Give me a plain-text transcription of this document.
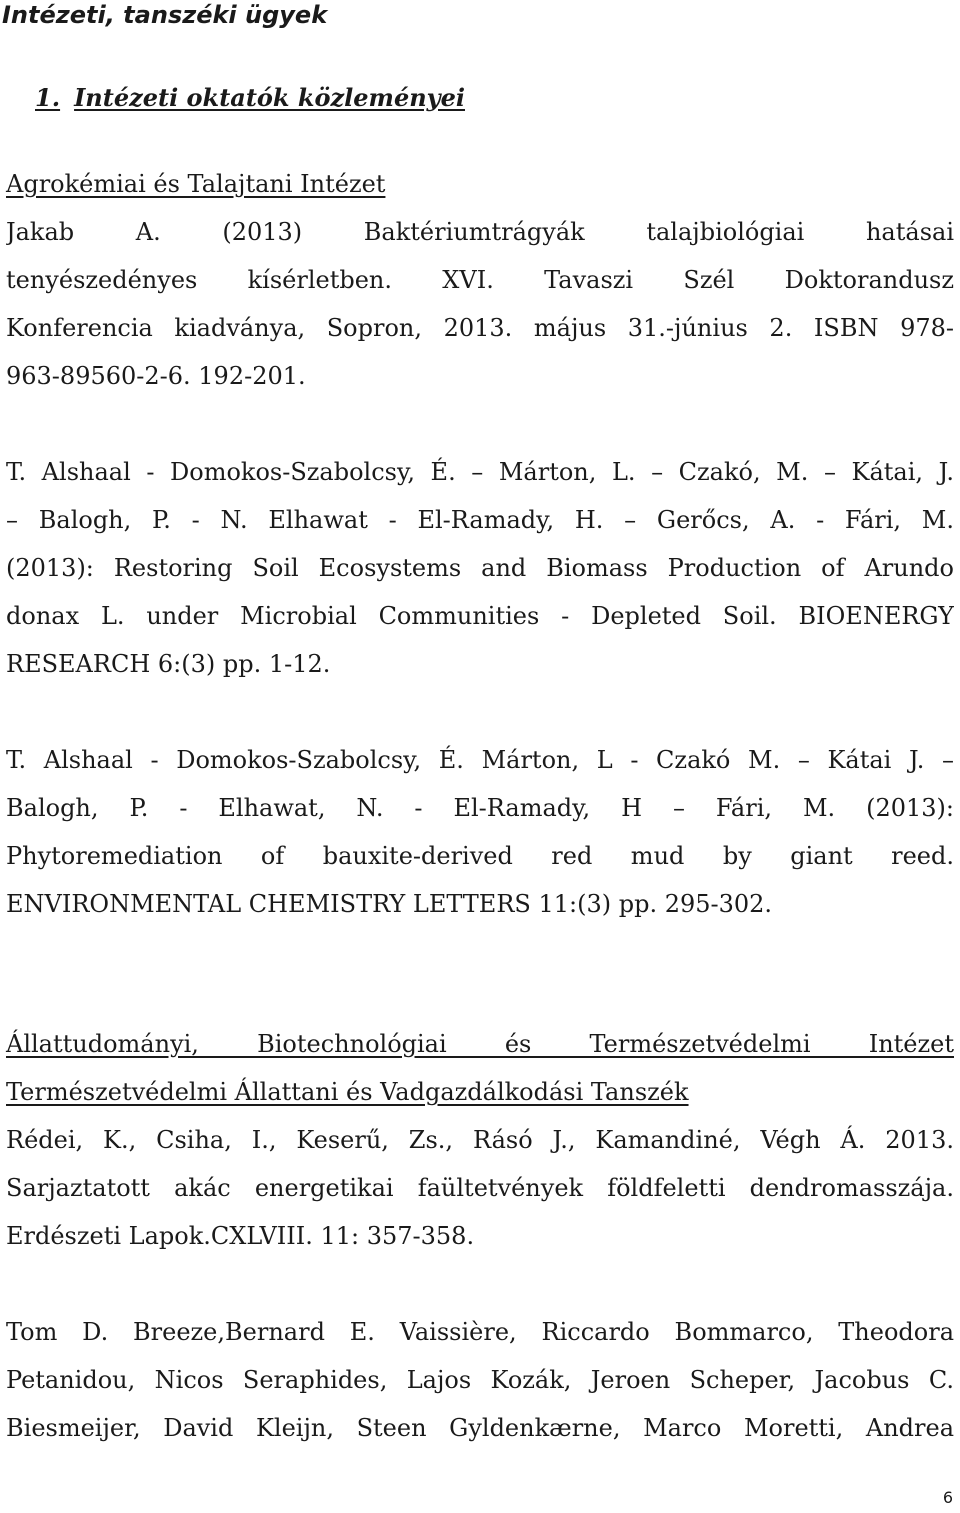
Intézeti, tanszéki ügyek
1. Intézeti oktatók közleményei
Agrokémiai és Talajtani Intézet
Jakab A. (2013) Baktériumtrágyák talajbiológiai hatásai
tenyészedényes kísérletben. XVI. Tavaszi Szél Doktorandusz
Konferencia kiadványa, Sopron, 2013. május 31.-június 2. ISBN 978-
963-89560-2-6. 192-201.
T. Alshaal - Domokos-Szabolcsy, É. – Márton, L. – Czakó, M. – Kátai, J.
– Balogh, P. - N. Elhawat - El-Ramady, H. – Gerőcs, A. - Fári, M.
(2013): Restoring Soil Ecosystems and Biomass Production of Arundo
donax L. under Microbial Communities - Depleted Soil. BIOENERGY
RESEARCH 6:(3) pp. 1-12.
T. Alshaal - Domokos-Szabolcsy, É. Márton, L - Czakó M. – Kátai J. –
Balogh, P. - Elhawat, N. - El-Ramady, H – Fári, M. (2013):
Phytoremediation of bauxite-derived red mud by giant reed.
ENVIRONMENTAL CHEMISTRY LETTERS 11:(3) pp. 295-302.
Állattudományi, Biotechnológiai és Természetvédelmi Intézet
Természetvédelmi Állattani és Vadgazdálkodási Tanszék
Rédei, K., Csiha, I., Keserű, Zs., Rásó J., Kamandiné, Végh Á. 2013.
Sarjaztatott akác energetikai faültetvények földfeletti dendromasszája.
Erdészeti Lapok.CXLVIII. 11: 357-358.
Tom D. Breeze,Bernard E. Vaissière, Riccardo Bommarco, Theodora
Petanidou, Nicos Seraphides, Lajos Kozák, Jeroen Scheper, Jacobus C.
Biesmeijer, David Kleijn, Steen Gyldenkærne, Marco Moretti, Andrea
6
